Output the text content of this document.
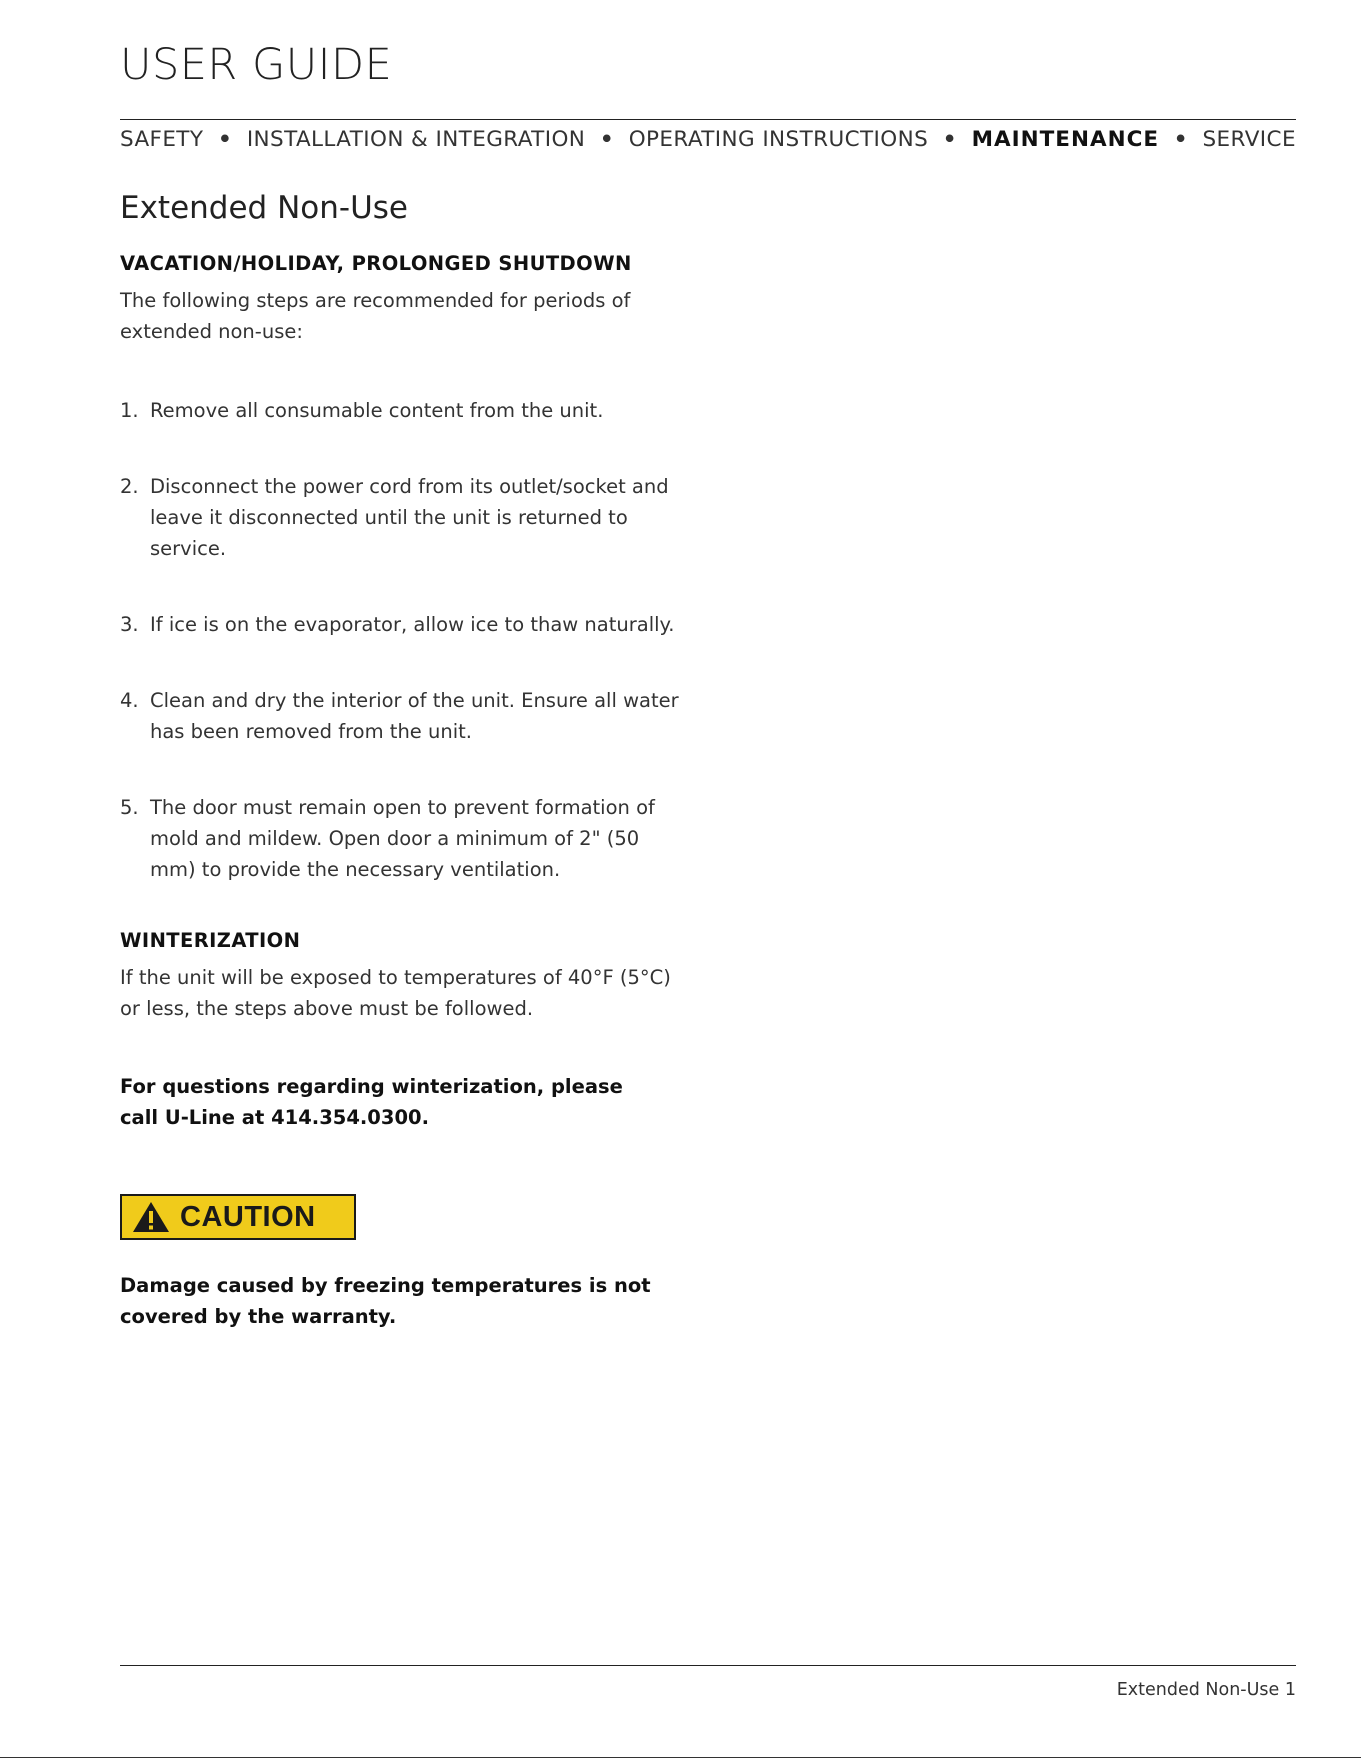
USER GUIDE
SAFETY • INSTALLATION & INTEGRATION • OPERATING INSTRUCTIONS • MAINTENANCE • SERVICE
Extended Non-Use
VACATION/HOLIDAY, PROLONGED SHUTDOWN
The following steps are recommended for periods of extended non-use:
1. Remove all consumable content from the unit.
2. Disconnect the power cord from its outlet/socket and leave it disconnected until the unit is returned to service.
3. If ice is on the evaporator, allow ice to thaw naturally.
4. Clean and dry the interior of the unit. Ensure all water has been removed from the unit.
5. The door must remain open to prevent formation of mold and mildew. Open door a minimum of 2" (50 mm) to provide the necessary ventilation.
WINTERIZATION
If the unit will be exposed to temperatures of 40°F (5°C) or less, the steps above must be followed.
For questions regarding winterization, please call U-Line at 414.354.0300.
CAUTION
Damage caused by freezing temperatures is not covered by the warranty.
Extended Non-Use 1
